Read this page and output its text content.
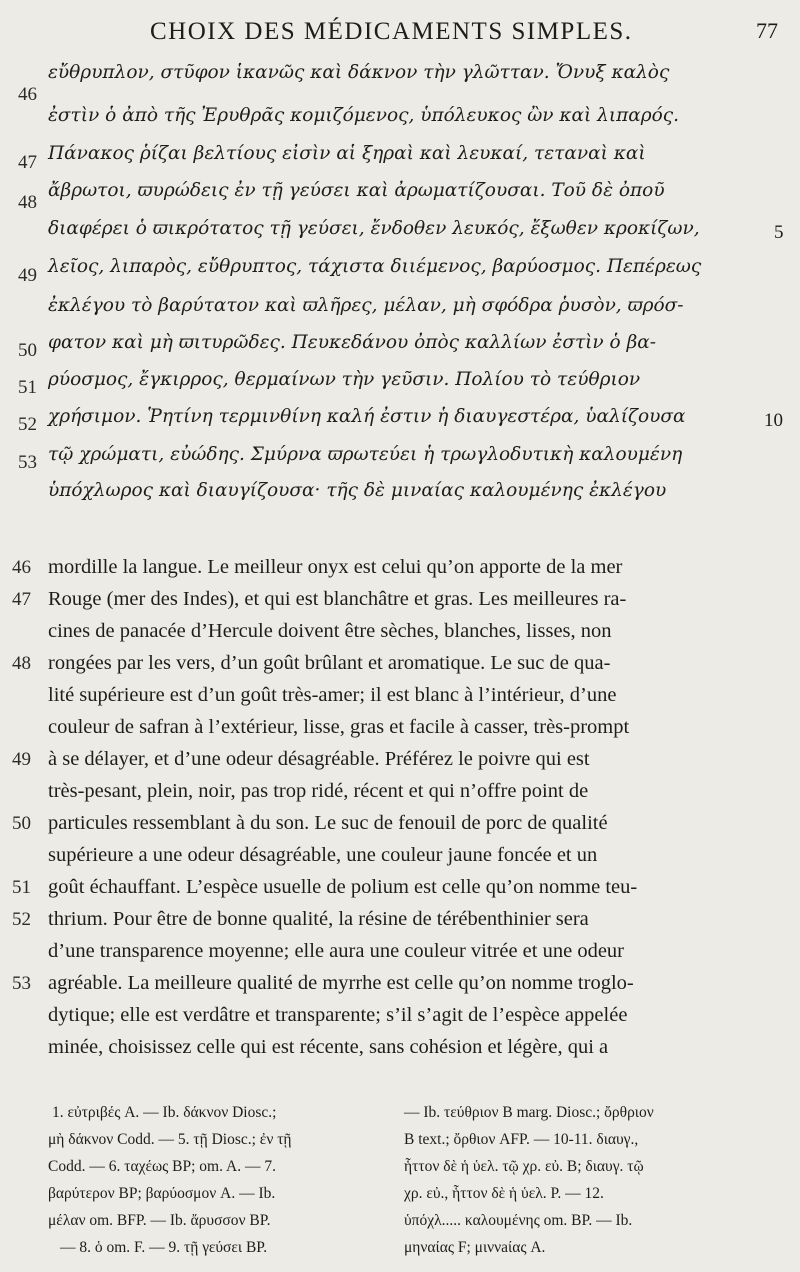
CHOIX DES MÉDICAMENTS SIMPLES.	77
εὔθρυπλον, στῦφον ἱκανῶς καὶ δάκνον τὴν γλῶτταν. Ὄνυξ καλὸς
ἐστὶν ὁ ἀπὸ τῆς Ἐρυθρᾶς κομιζόμενος, ὑπόλευκος ὢν καὶ λιπαρός.
Πάνακος ῥίζαι βελτίους εἰσὶν αἱ ξηραὶ καὶ λευκαί, τεταναὶ καὶ
ἄβρωτοι, ϖυρώδεις ἐν τῇ γεύσει καὶ ἀρωματίζουσαι. Τοῦ δὲ ὀποῦ
διαφέρει ὁ ϖικρότατος τῇ γεύσει, ἔνδοθεν λευκός, ἔξωθεν κροκίζων,
λεῖος, λιπαρὸς, εὔθρυπτος, τάχιστα διιέμενος, βαρύοσμος. Πεπέρεως
ἐκλέγου τὸ βαρύτατον καὶ ϖλῆρες, μέλαν, μὴ σφόδρα ῥυσὸν, ϖρόσ-
φατον καὶ μὴ ϖιτυρῶδες. Πευκεδάνου ὀπὸς καλλίων ἐστὶν ὁ βα-
ρύοσμος, ἔγκιρρος, θερμαίνων τὴν γεῦσιν. Πολίου τὸ τεύθριον
χρήσιμον. Ῥητίνη τερμινθίνη καλή ἐστιν ἡ διαυγεστέρα, ὑαλίζουσα
τῷ χρώματι, εὐώδης. Σμύρνα ϖρωτεύει ἡ τρωγλοδυτικὴ καλουμένη
ὑπόχλωρος καὶ διαυγίζουσα· τῆς δὲ μιναίας καλουμένης ἐκλέγου
46
47
48
49
50
51
52
53
5
10
mordille la langue. Le meilleur onyx est celui qu’on apporte de la mer
Rouge (mer des Indes), et qui est blanchâtre et gras. Les meilleures ra-
cines de panacée d’Hercule doivent être sèches, blanches, lisses, non
rongées par les vers, d’un goût brûlant et aromatique. Le suc de qua-
lité supérieure est d’un goût très-amer; il est blanc à l’intérieur, d’une
couleur de safran à l’extérieur, lisse, gras et facile à casser, très-prompt
à se délayer, et d’une odeur désagréable. Préférez le poivre qui est
très-pesant, plein, noir, pas trop ridé, récent et qui n’offre point de
particules ressemblant à du son. Le suc de fenouil de porc de qualité
supérieure a une odeur désagréable, une couleur jaune foncée et un
goût échauffant. L’espèce usuelle de polium est celle qu’on nomme teu-
thrium. Pour être de bonne qualité, la résine de térébenthinier sera
d’une transparence moyenne; elle aura une couleur vitrée et une odeur
agréable. La meilleure qualité de myrrhe est celle qu’on nomme troglo-
dytique; elle est verdâtre et transparente; s’il s’agit de l’espèce appelée
minée, choisissez celle qui est récente, sans cohésion et légère, qui a
46
47
48
49
50
51
52
53
1. εὐτριβές A. — Ib. δάκνον Diosc.;
μὴ δάκνον Codd. — 5. τῇ Diosc.; ἐν τῇ
Codd. — 6. ταχέως BP; om. A. — 7.
βαρύτερον BP; βαρύοσμον A. — Ib.
μέλαν om. BFP. — Ib. ἄρυσσον BP.
— 8. ὁ om. F. — 9. τῇ γεύσει BP.
— Ib. τεύθριον B marg. Diosc.; ὄρθριον
B text.; ὄρθιον AFP. — 10-11. διαυγ.,
ἧττον δὲ ἡ ὑελ. τῷ χρ. εὐ. B; διαυγ. τῷ
χρ. εὐ., ἧττον δὲ ἡ ὑελ. P. — 12.
ὑπόχλ..... καλουμένης om. BP. — Ib.
μηναίας F; μιννaίας A.
